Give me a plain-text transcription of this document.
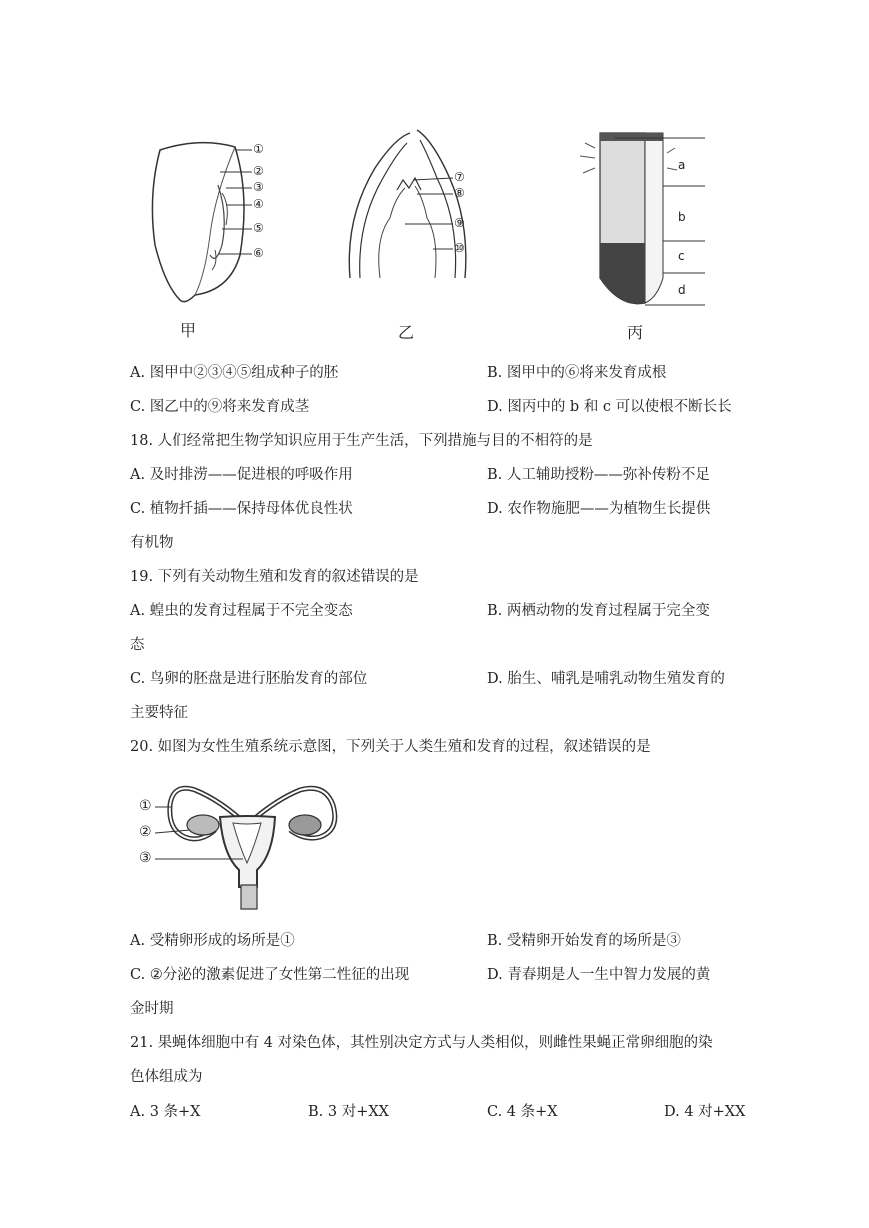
①
②
③
④
⑤
⑥
甲
⑦
⑧
⑨
⑩
乙
a
b
c
d
丙
A. 图甲中②③④⑤组成种子的胚	B. 图甲中的⑥将来发育成根
C. 图乙中的⑨将来发育成茎	D. 图丙中的 b 和 c 可以使根不断长长
18. 人们经常把生物学知识应用于生产生活，下列措施与目的不相符的是
A. 及时排涝——促进根的呼吸作用	B. 人工辅助授粉——弥补传粉不足
C. 植物扦插——保持母体优良性状	D. 农作物施肥——为植物生长提供
有机物
19. 下列有关动物生殖和发育的叙述错误的是
A. 蝗虫的发育过程属于不完全变态	B. 两栖动物的发育过程属于完全变
态
C. 鸟卵的胚盘是进行胚胎发育的部位	D. 胎生、哺乳是哺乳动物生殖发育的
主要特征
20. 如图为女性生殖系统示意图，下列关于人类生殖和发育的过程，叙述错误的是
①
②
③
A. 受精卵形成的场所是①	B. 受精卵开始发育的场所是③
C. ②分泌的激素促进了女性第二性征的出现	D. 青春期是人一生中智力发展的黄
金时期
21. 果蝇体细胞中有 4 对染色体，其性别决定方式与人类相似，则雌性果蝇正常卵细胞的染
色体组成为
A. 3 条+X	B. 3 对+XX	C. 4 条+X	D. 4 对+XX
